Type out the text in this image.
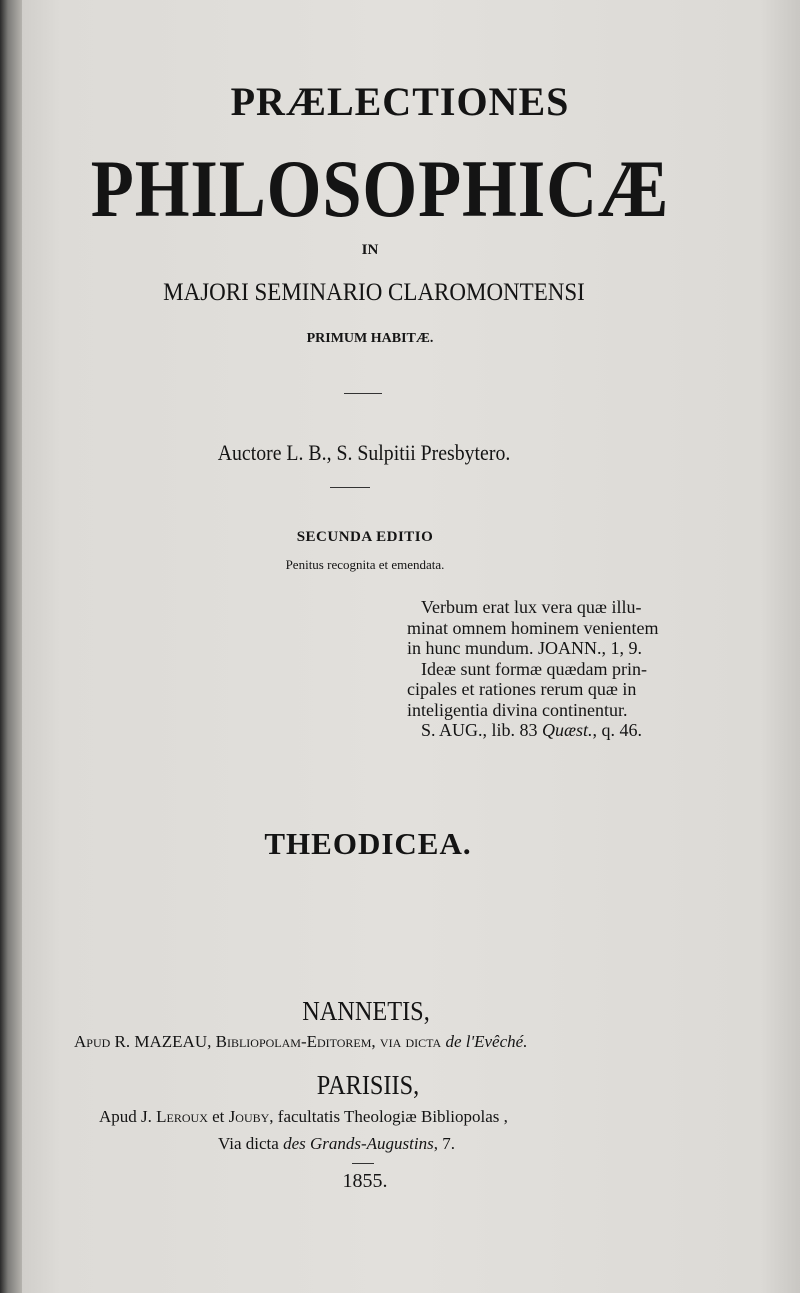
PRÆLECTIONES
PHILOSOPHICÆ
IN
MAJORI SEMINARIO CLAROMONTENSI
PRIMUM HABITÆ.
Auctore L. B., S. Sulpitii Presbytero.
SECUNDA EDITIO
Penitus recognita et emendata.
Verbum erat lux vera quæ illu-
minat omnem hominem venientem
in hunc mundum. JOANN., 1, 9.
Ideæ sunt formæ quædam prin-
cipales et rationes rerum quæ in
inteligentia divina continentur.
S. AUG., lib. 83 Quæst., q. 46.
THEODICEA.
NANNETIS,
Apud R. MAZEAU, Bibliopolam-Editorem, via dicta de l'Evêché.
PARISIIS,
Apud J. Leroux et Jouby, facultatis Theologiæ Bibliopolas ,
Via dicta des Grands-Augustins, 7.
1855.
